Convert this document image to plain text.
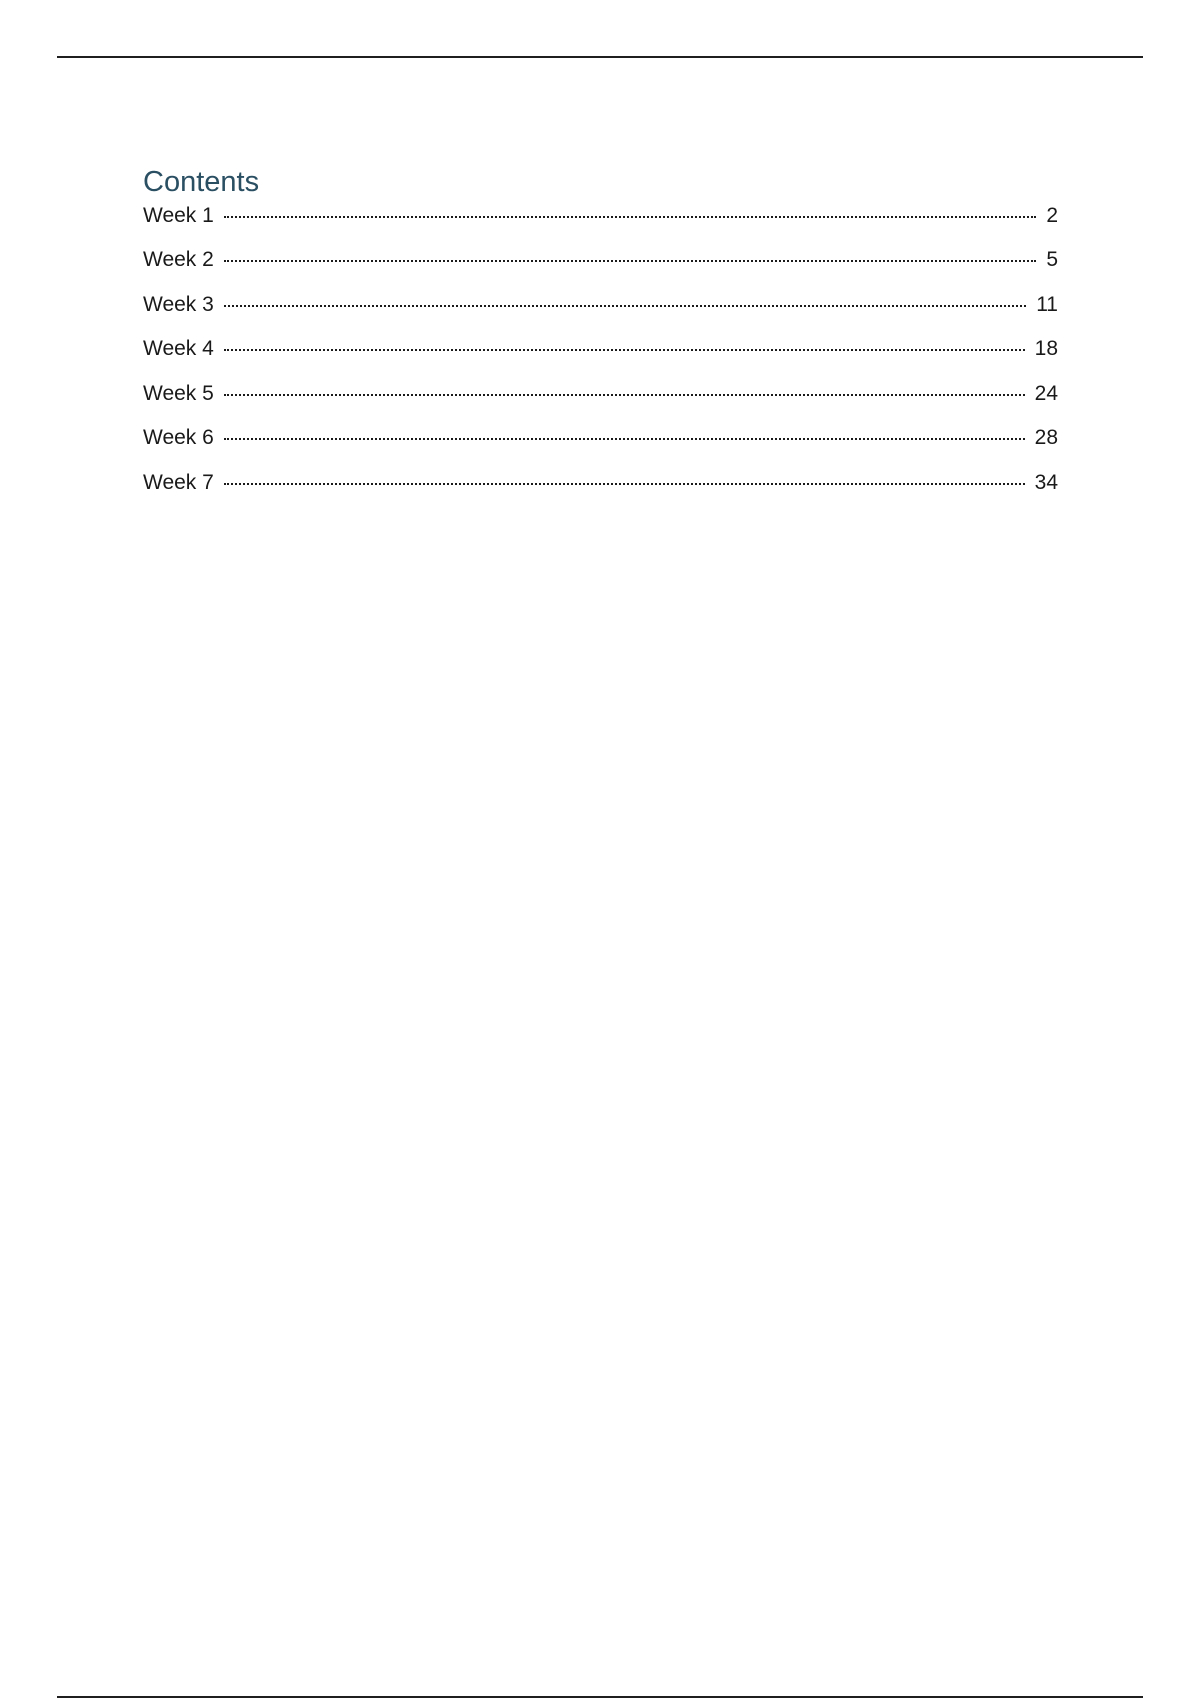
Contents
Week 1	2
Week 2	5
Week 3	11
Week 4	18
Week 5	24
Week 6	28
Week 7	34
